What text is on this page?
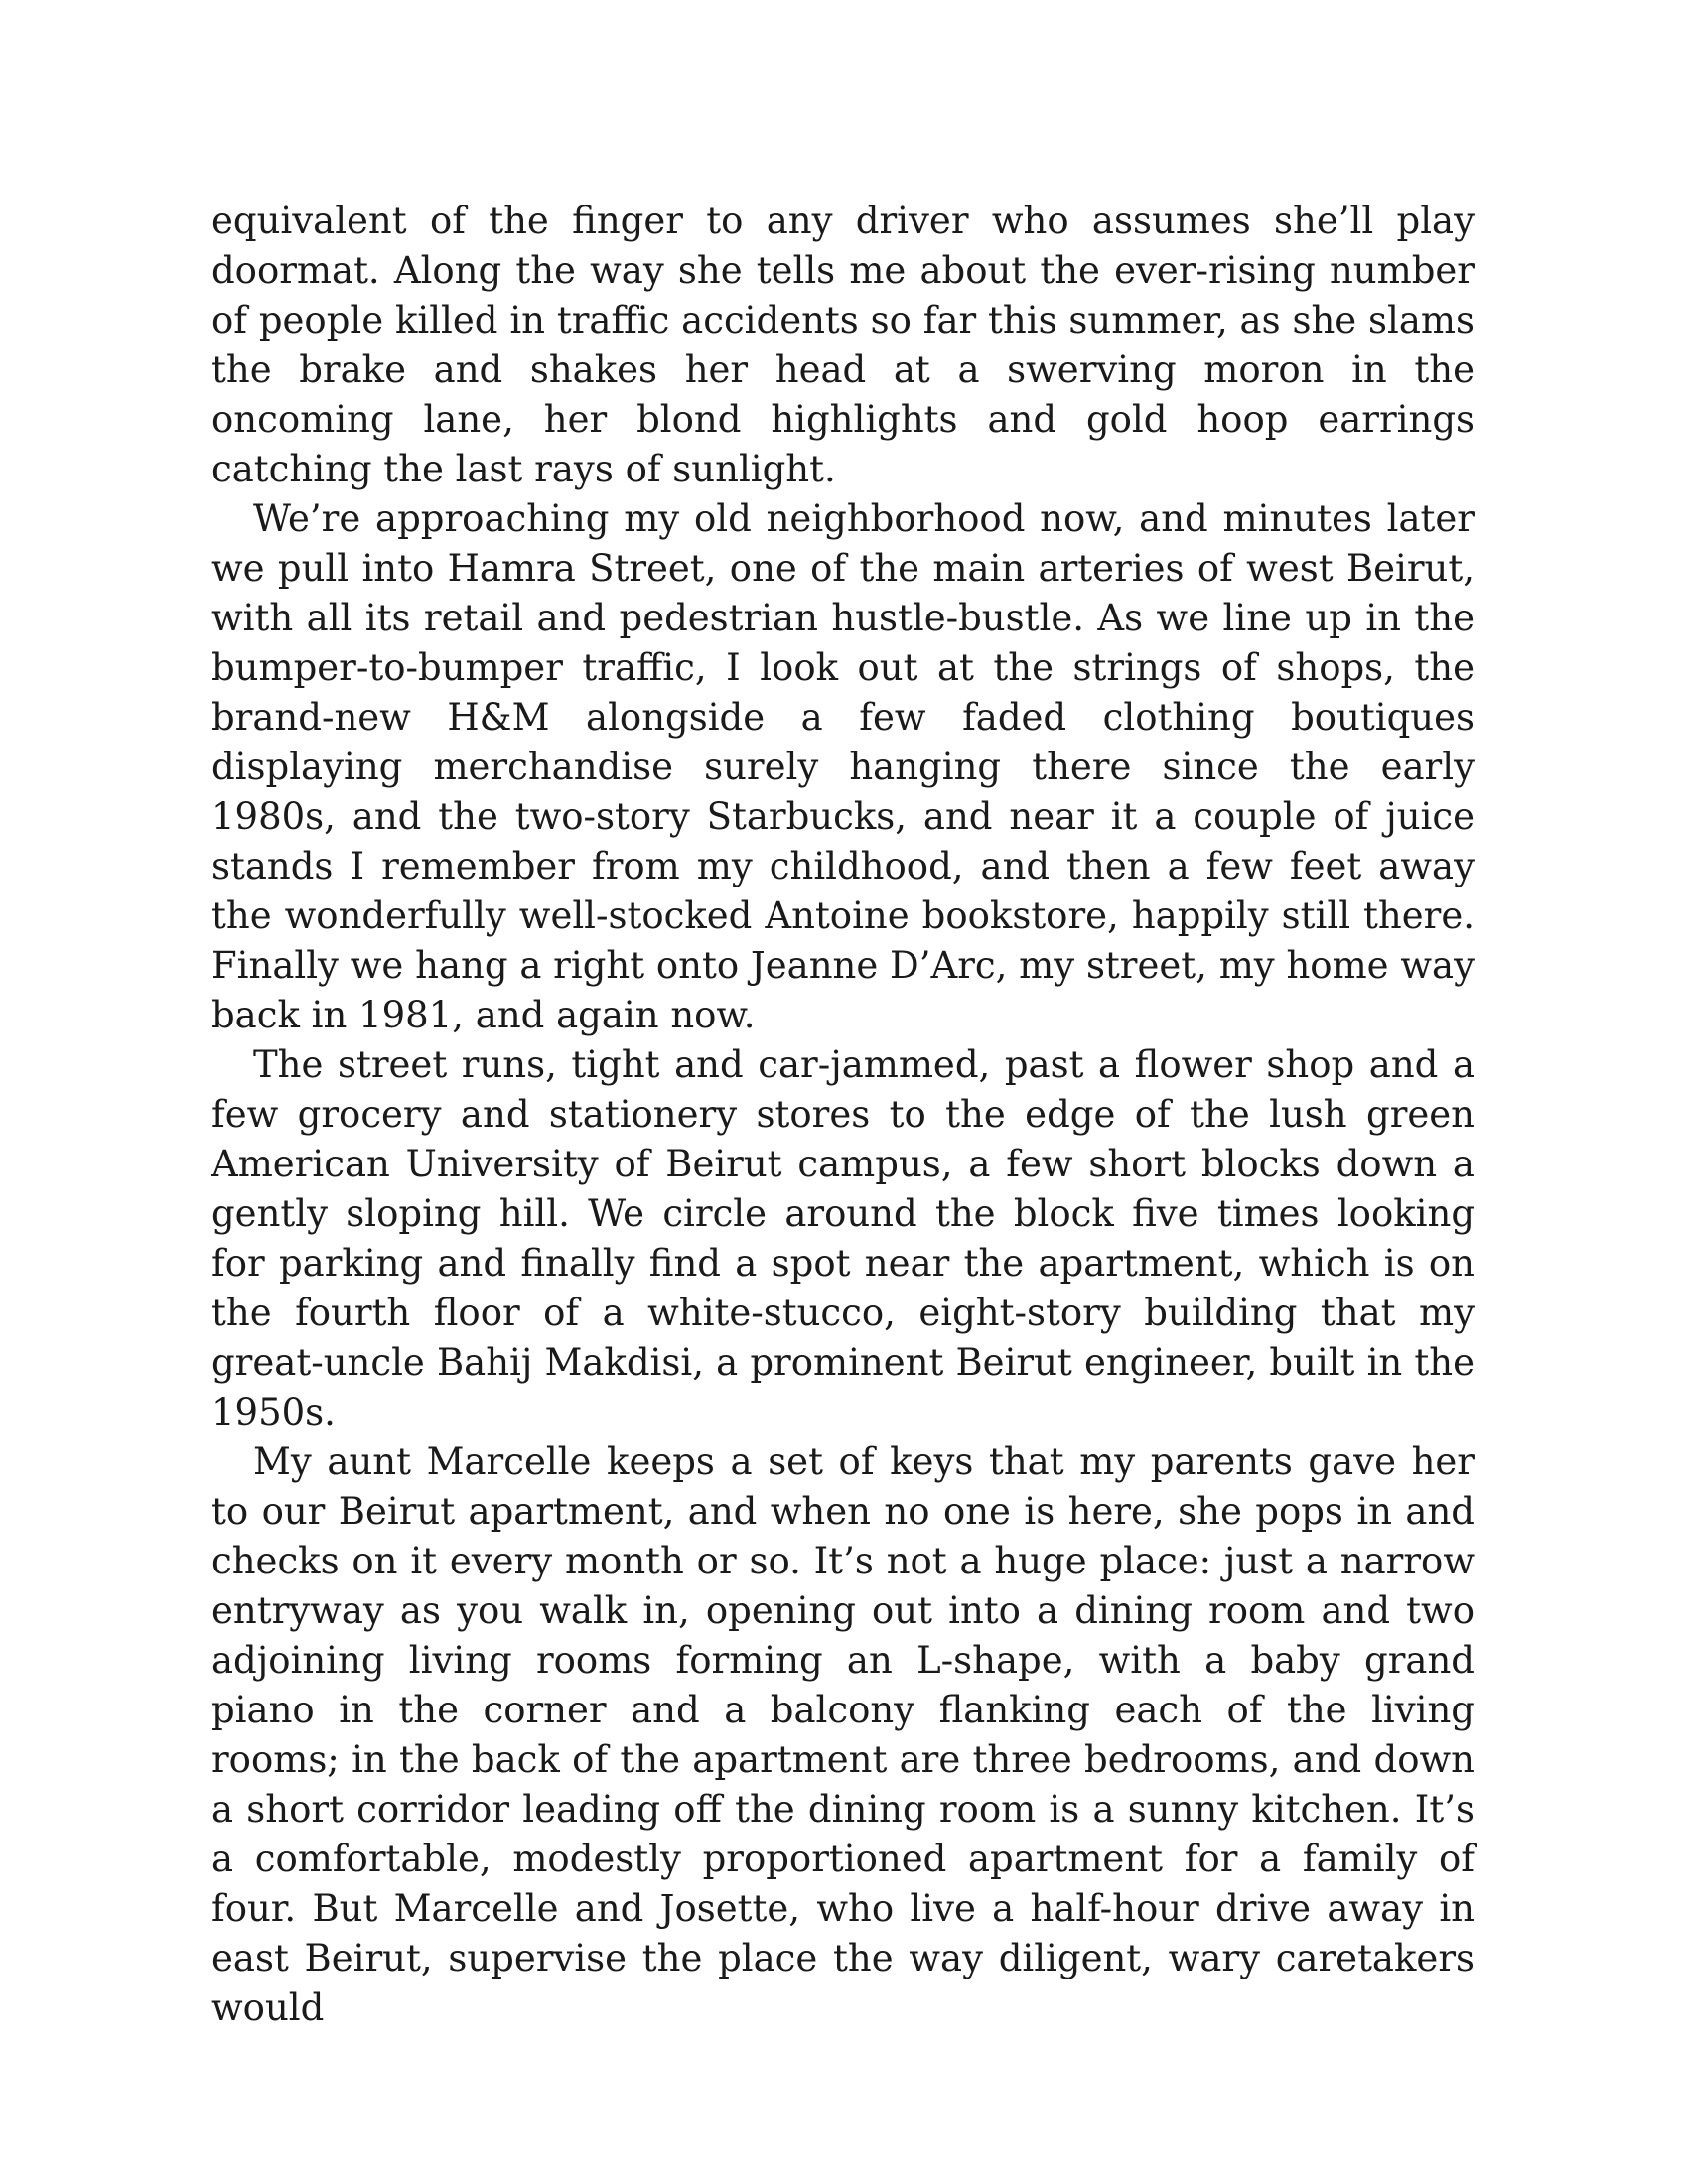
equivalent of the finger to any driver who assumes she’ll play doormat. Along the way she tells me about the ever-rising number of people killed in traffic accidents so far this summer, as she slams the brake and shakes her head at a swerving moron in the oncoming lane, her blond highlights and gold hoop earrings catching the last rays of sunlight.

We’re approaching my old neighborhood now, and minutes later we pull into Hamra Street, one of the main arteries of west Beirut, with all its retail and pedestrian hustle-bustle. As we line up in the bumper-to-bumper traffic, I look out at the strings of shops, the brand-new H&M alongside a few faded clothing boutiques displaying merchandise surely hanging there since the early 1980s, and the two-story Starbucks, and near it a couple of juice stands I remember from my childhood, and then a few feet away the wonderfully well-stocked Antoine bookstore, happily still there. Finally we hang a right onto Jeanne D’Arc, my street, my home way back in 1981, and again now.

The street runs, tight and car-jammed, past a flower shop and a few grocery and stationery stores to the edge of the lush green American University of Beirut campus, a few short blocks down a gently sloping hill. We circle around the block five times looking for parking and finally find a spot near the apartment, which is on the fourth floor of a white-stucco, eight-story building that my great-uncle Bahij Makdisi, a prominent Beirut engineer, built in the 1950s.

My aunt Marcelle keeps a set of keys that my parents gave her to our Beirut apartment, and when no one is here, she pops in and checks on it every month or so. It’s not a huge place: just a narrow entryway as you walk in, opening out into a dining room and two adjoining living rooms forming an L-shape, with a baby grand piano in the corner and a balcony flanking each of the living rooms; in the back of the apartment are three bedrooms, and down a short corridor leading off the dining room is a sunny kitchen. It’s a comfortable, modestly proportioned apartment for a family of four. But Marcelle and Josette, who live a half-hour drive away in east Beirut, supervise the place the way diligent, wary caretakers would
